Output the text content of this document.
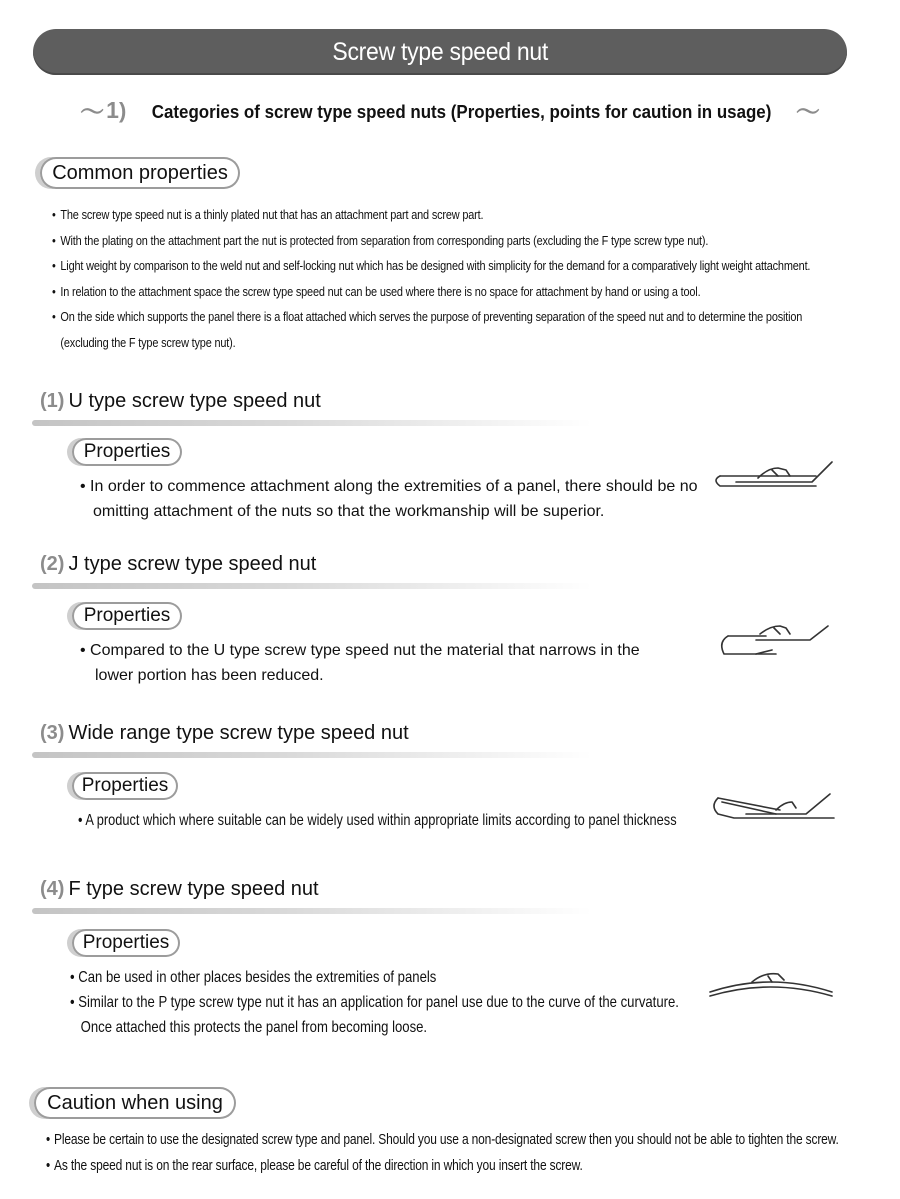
Screw type speed nut
～1) Categories of screw type speed nuts (Properties, points for caution in usage) ～
Common properties
• The screw type speed nut is a thinly plated nut that has an attachment part and screw part.
• With the plating on the attachment part the nut is protected from separation from corresponding parts (excluding the F type screw type nut).
• Light weight by comparison to the weld nut and self-locking nut which has be designed with simplicity for the demand for a comparatively light weight attachment.
• In relation to the attachment space the screw type speed nut can be used where there is no space for attachment by hand or using a tool.
• On the side which supports the panel there is a float attached which serves the purpose of preventing separation of the speed nut and to determine the position
(excluding the F type screw type nut).
(1) U type screw type speed nut
Properties
• In order to commence attachment along the extremities of a panel, there should be no
omitting attachment of the nuts so that the workmanship will be superior.
(2) J type screw type speed nut
Properties
• Compared to the U type screw type speed nut the material that narrows in the
lower portion has been reduced.
(3) Wide range type screw type speed nut
Properties
• A product which where suitable can be widely used within appropriate limits according to panel thickness
(4) F type screw type speed nut
Properties
• Can be used in other places besides the extremities of panels
• Similar to the P type screw type nut it has an application for panel use due to the curve of the curvature.
Once attached this protects the panel from becoming loose.
Caution when using
• Please be certain to use the designated screw type and panel. Should you use a non-designated screw then you should not be able to tighten the screw.
• As the speed nut is on the rear surface, please be careful of the direction in which you insert the screw.
